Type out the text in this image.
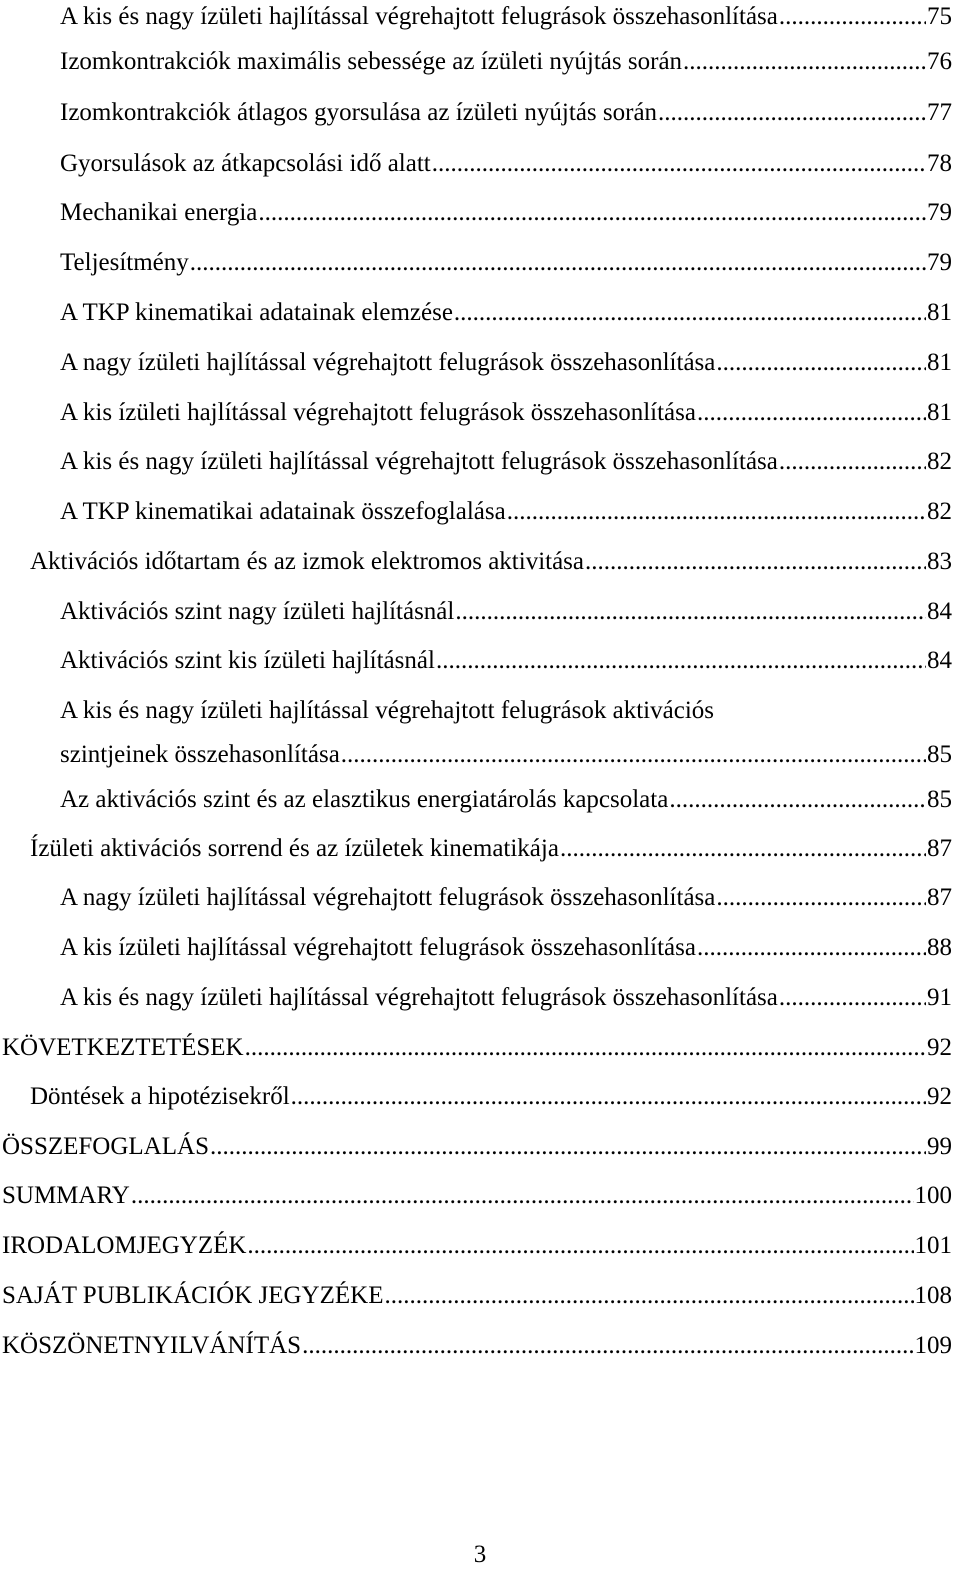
A kis és nagy ízületi hajlítással végrehajtott felugrások összehasonlítása .....	75
Izomkontrakciók maximális sebessége az ízületi nyújtás során .....	76
Izomkontrakciók átlagos gyorsulása az ízületi nyújtás során .....	77
Gyorsulások az átkapcsolási idő alatt .....	78
Mechanikai energia .....	79
Teljesítmény .....	79
A TKP kinematikai adatainak elemzése .....	81
A nagy ízületi hajlítással végrehajtott felugrások összehasonlítása .....	81
A kis ízületi hajlítással végrehajtott felugrások összehasonlítása .....	81
A kis és nagy ízületi hajlítással végrehajtott felugrások összehasonlítása .....	82
A TKP kinematikai adatainak összefoglalása .....	82
Aktivációs időtartam és az izmok elektromos aktivitása .....	83
Aktivációs szint nagy ízületi hajlításnál .....	84
Aktivációs szint kis ízületi hajlításnál .....	84
A kis és nagy ízületi hajlítással végrehajtott felugrások aktivációs
szintjeinek összehasonlítása .....	85
Az aktivációs szint és az elasztikus energiatárolás kapcsolata .....	85
Ízületi aktivációs sorrend és az ízületek kinematikája .....	87
A nagy ízületi hajlítással végrehajtott felugrások összehasonlítása .....	87
A kis ízületi hajlítással végrehajtott felugrások összehasonlítása .....	88
A kis és nagy ízületi hajlítással végrehajtott felugrások összehasonlítása .....	91
KÖVETKEZTETÉSEK .....	92
Döntések a hipotézisekről .....	92
ÖSSZEFOGLALÁS .....	99
SUMMARY .....	100
IRODALOMJEGYZÉK .....	101
SAJÁT PUBLIKÁCIÓK JEGYZÉKE .....	108
KÖSZÖNETNYILVÁNÍTÁS .....	109
3
